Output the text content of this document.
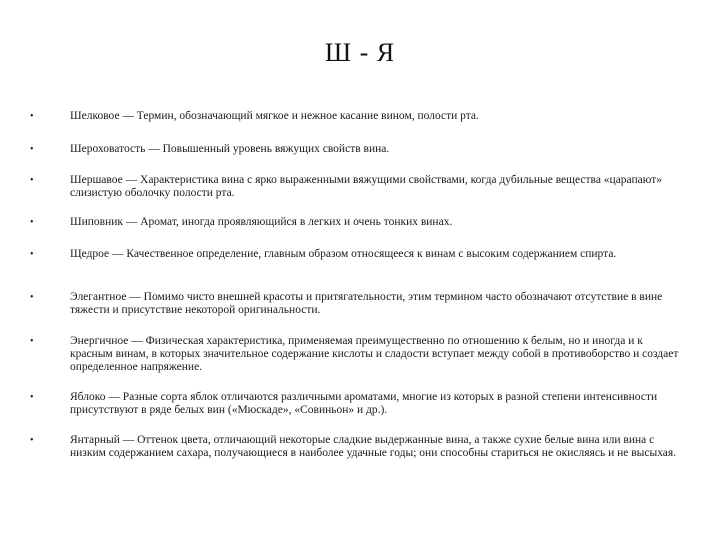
Ш - Я
•	Шелковое — Термин, обозначающий мягкое и нежное касание вином, полости рта.
•	Шероховатость — Повышенный уровень вяжущих свойств вина.
•	Шершавое — Характеристика вина с ярко выраженными вяжущими свойствами, когда дубильные вещества «царапают» слизистую оболочку полости рта.
•	Шиповник — Аромат, иногда проявляющийся в легких и очень тонких винах.
•	Щедрое — Качественное определение, главным образом относящееся к винам с высоким содержанием спирта.
•	Элегантное — Помимо чисто внешней красоты и притягательности, этим термином часто обозначают отсутствие в вине тяжести и присутствие некоторой оригинальности.
•	Энергичное — Физическая характеристика, применяемая преимущественно по отношению к белым, но и иногда и к красным винам, в которых значительное содержание кислоты и сладости вступает между собой в противоборство и создает определенное напряжение.
•	Яблоко — Разные сорта яблок отличаются различными ароматами, многие из которых в разной степени интенсивности присутствуют в ряде белых вин («Мюскаде», «Совиньон» и др.).
•	Янтарный — Оттенок цвета, отличающий некоторые сладкие выдержанные вина, а также сухие белые вина или вина с низким содержанием сахара, получающиеся в наиболее удачные годы; они способны стариться не окисляясь и не высыхая.
